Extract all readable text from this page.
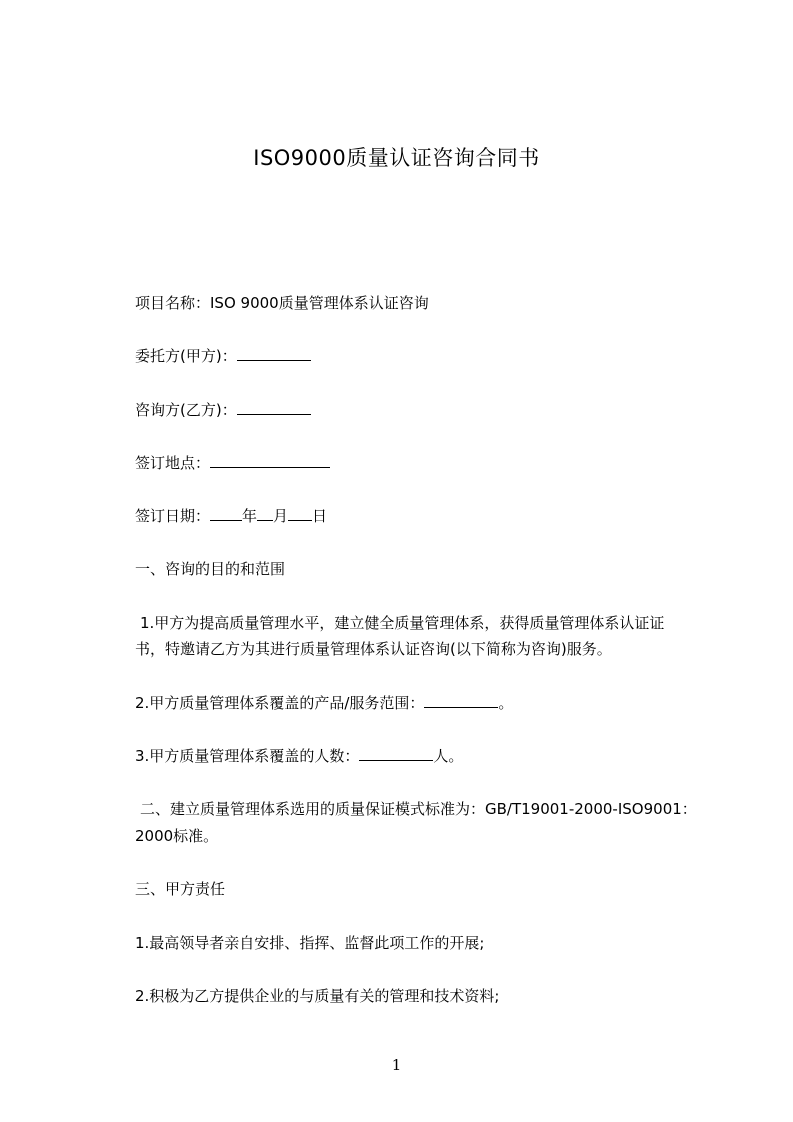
ISO9000质量认证咨询合同书
项目名称：ISO 9000质量管理体系认证咨询
委托方(甲方)：
咨询方(乙方)：
签订地点：
签订日期： 年 月 日
一、咨询的目的和范围
1.甲方为提高质量管理水平，建立健全质量管理体系，获得质量管理体系认证证
书，特邀请乙方为其进行质量管理体系认证咨询(以下简称为咨询)服务。
2.甲方质量管理体系覆盖的产品/服务范围：	。
3.甲方质量管理体系覆盖的人数：	人。
二、建立质量管理体系选用的质量保证模式标准为：GB/T19001-2000-ISO9001：
2000标准。
三、甲方责任
1.最高领导者亲自安排、指挥、监督此项工作的开展;
2.积极为乙方提供企业的与质量有关的管理和技术资料;
1
